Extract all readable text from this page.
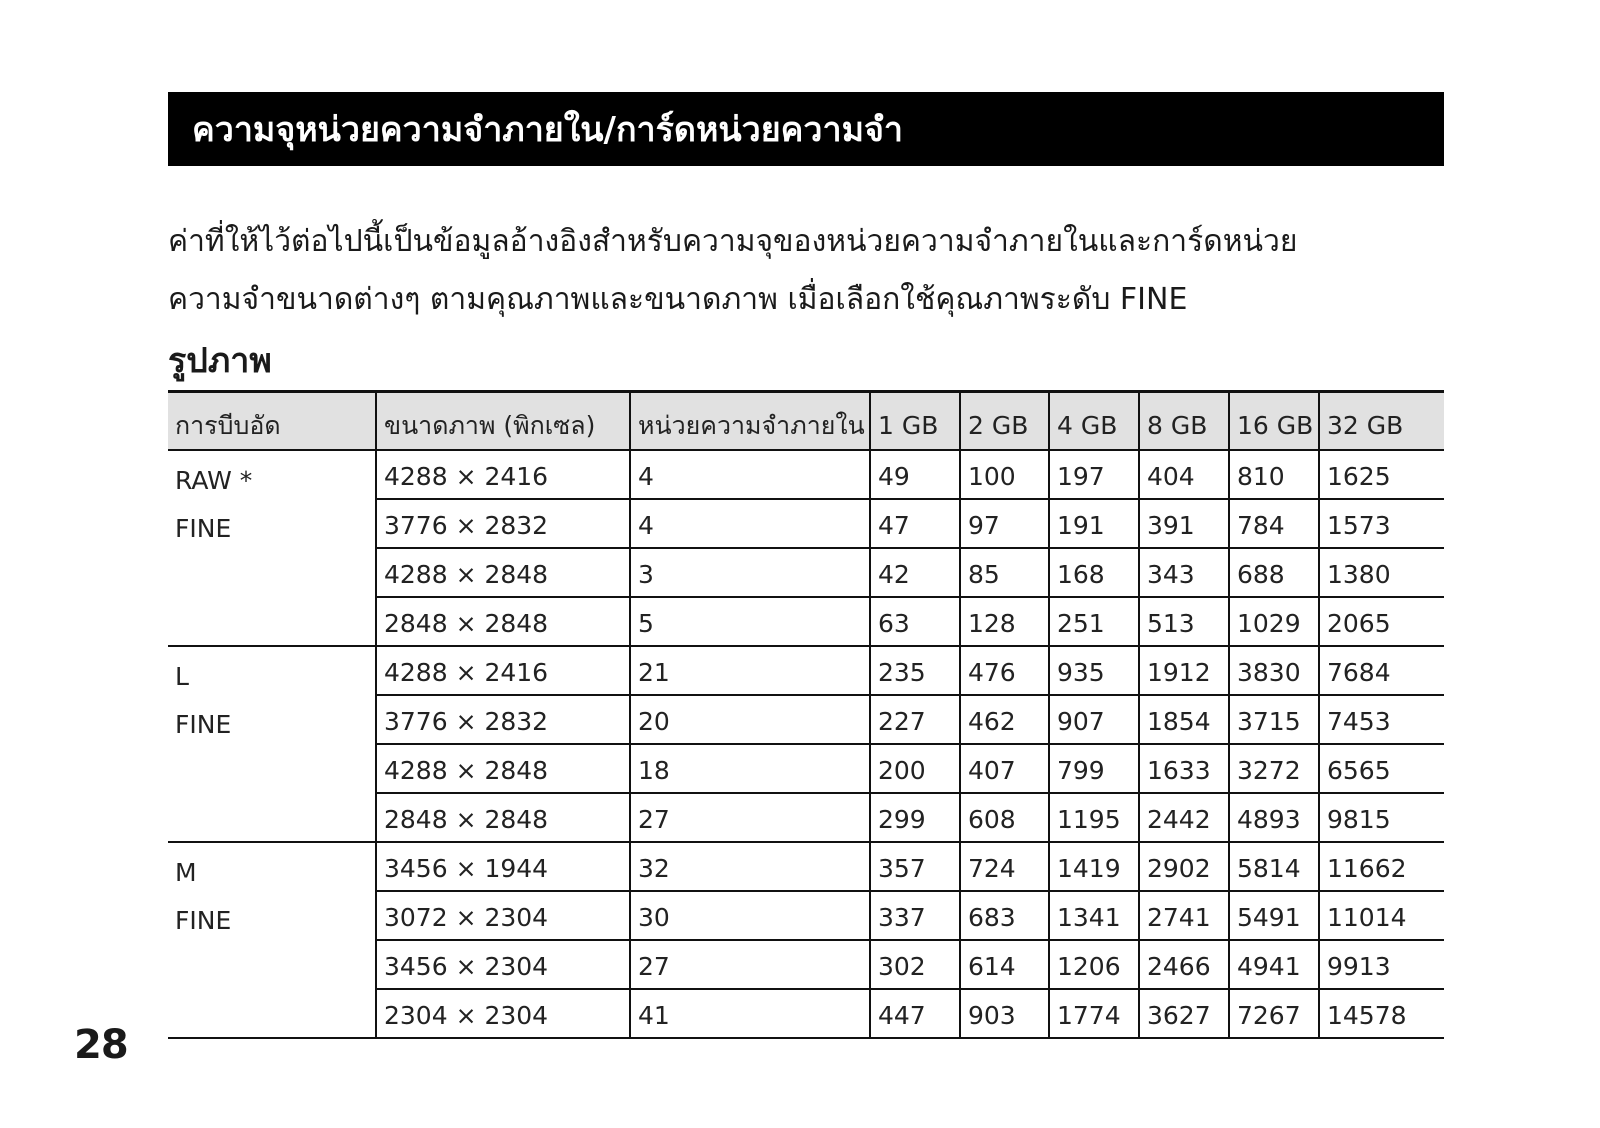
ความจุหน่วยความจำภายใน/การ์ดหน่วยความจำ

ค่าที่ให้ไว้ต่อไปนี้เป็นข้อมูลอ้างอิงสำหรับความจุของหน่วยความจำภายในและการ์ดหน่วย

ความจำขนาดต่างๆ ตามคุณภาพและขนาดภาพ เมื่อเลือกใช้คุณภาพระดับ FINE

รูปภาพ
การบีบอัด	ขนาดภาพ (พิกเซล)	หน่วยความจำภายใน	1 GB	2 GB	4 GB	8 GB	16 GB	32 GB

RAW *
FINE	4288 × 2416	4	49	100	197	404	810	1625
	3776 × 2832	4	47	97	191	391	784	1573
	4288 × 2848	3	42	85	168	343	688	1380
	2848 × 2848	5	63	128	251	513	1029	2065

L
FINE	4288 × 2416	21	235	476	935	1912	3830	7684
	3776 × 2832	20	227	462	907	1854	3715	7453
	4288 × 2848	18	200	407	799	1633	3272	6565
	2848 × 2848	27	299	608	1195	2442	4893	9815

M
FINE	3456 × 1944	32	357	724	1419	2902	5814	11662
	3072 × 2304	30	337	683	1341	2741	5491	11014
	3456 × 2304	27	302	614	1206	2466	4941	9913
	2304 × 2304	41	447	903	1774	3627	7267	14578
28
